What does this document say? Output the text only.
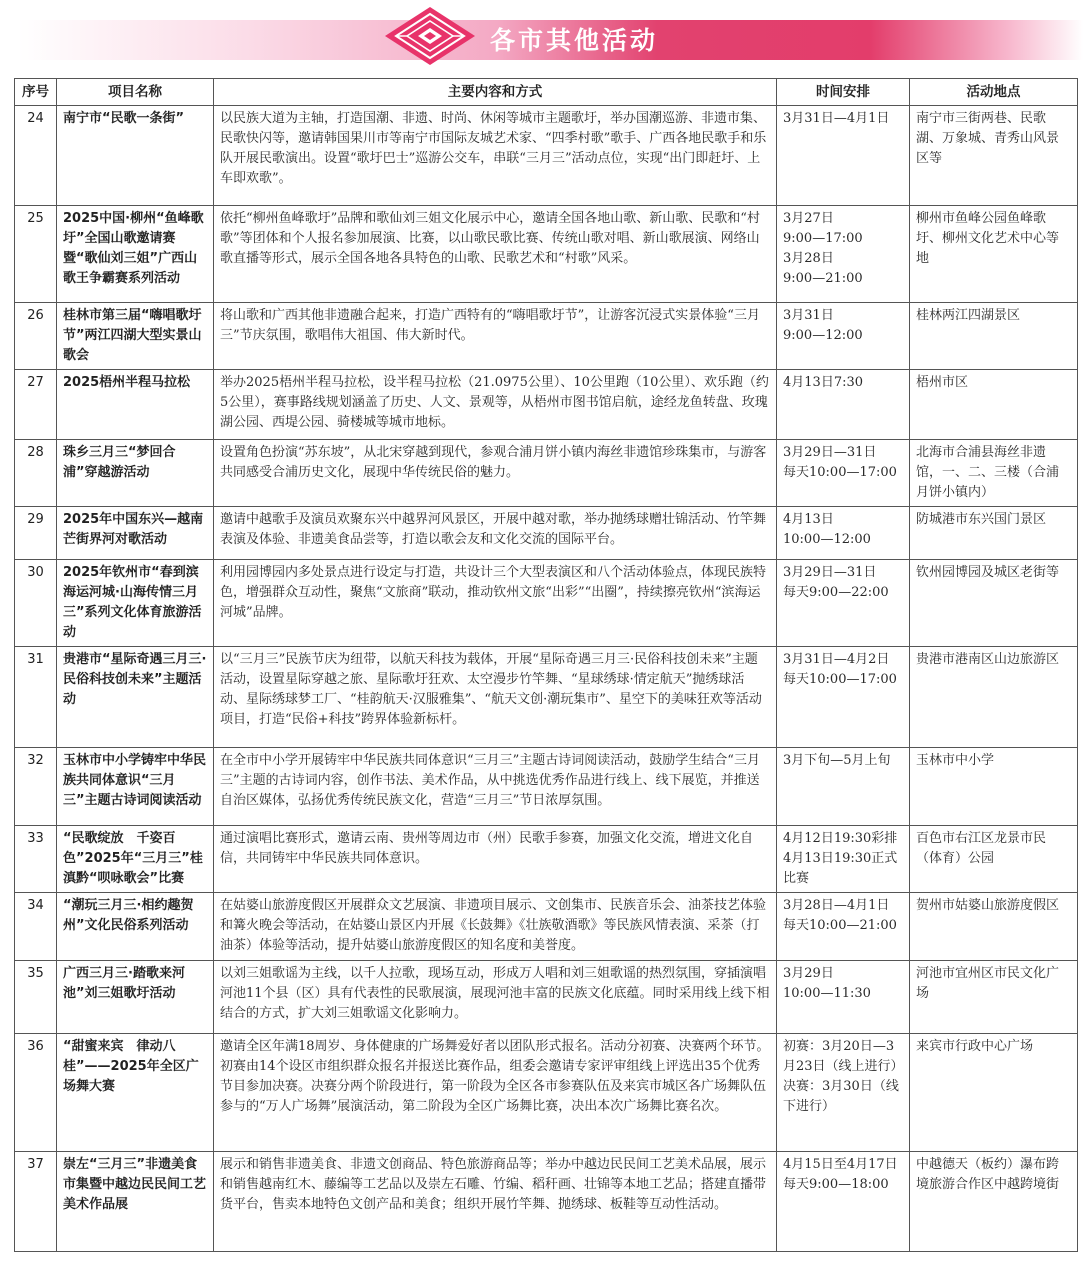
各市其他活动
序号	项目名称	主要内容和方式	时间安排	活动地点
24	南宁市“民歌一条街”	以民族大道为主轴，打造国潮、非遗、时尚、休闲等城市主题歌圩，举办国潮巡游、非遗市集、民歌快闪等，邀请韩国果川市等南宁市国际友城艺术家、“四季村歌”歌手、广西各地民歌手和乐队开展民歌演出。设置“歌圩巴士”巡游公交车，串联“三月三”活动点位，实现“出门即赶圩、上车即欢歌”。	3月31日—4月1日	南宁市三街两巷、民歌湖、万象城、青秀山风景区等

25	2025中国·柳州“鱼峰歌圩”全国山歌邀请赛暨“歌仙刘三姐”广西山歌王争霸赛系列活动	依托“柳州鱼峰歌圩”品牌和歌仙刘三姐文化展示中心，邀请全国各地山歌、新山歌、民歌和“村歌”等团体和个人报名参加展演、比赛，以山歌民歌比赛、传统山歌对唱、新山歌展演、网络山歌直播等形式，展示全国各地各具特色的山歌、民歌艺术和“村歌”风采。	3月27日
9:00—17:00
3月28日
9:00—21:00	柳州市鱼峰公园鱼峰歌圩、柳州文化艺术中心等地

26	桂林市第三届“嗨唱歌圩节”两江四湖大型实景山歌会	将山歌和广西其他非遗融合起来，打造广西特有的“嗨唱歌圩节”，让游客沉浸式实景体验“三月三”节庆氛围，歌唱伟大祖国、伟大新时代。	3月31日
9:00—12:00	桂林两江四湖景区

27	2025梧州半程马拉松	举办2025梧州半程马拉松，设半程马拉松（21.0975公里）、10公里跑（10公里）、欢乐跑（约5公里），赛事路线规划涵盖了历史、人文、景观等，从梧州市图书馆启航，途经龙鱼转盘、玫瑰湖公园、西堤公园、骑楼城等城市地标。	4月13日7:30	梧州市区

28	珠乡三月三“梦回合浦”穿越游活动	设置角色扮演“苏东坡”，从北宋穿越到现代，参观合浦月饼小镇内海丝非遗馆珍珠集市，与游客共同感受合浦历史文化，展现中华传统民俗的魅力。	3月29日—31日
每天10:00—17:00	北海市合浦县海丝非遗馆，一、二、三楼（合浦月饼小镇内）

29	2025年中国东兴—越南芒街界河对歌活动	邀请中越歌手及演员欢聚东兴中越界河风景区，开展中越对歌，举办抛绣球赠壮锦活动、竹竿舞表演及体验、非遗美食品尝等，打造以歌会友和文化交流的国际平台。	4月13日
10:00—12:00	防城港市东兴国门景区

30	2025年钦州市“春到滨海运河城·山海传情三月三”系列文化体育旅游活动	利用园博园内多处景点进行设定与打造，共设计三个大型表演区和八个活动体验点，体现民族特色，增强群众互动性，聚焦“文旅商”联动，推动钦州文旅“出彩”“出圈”，持续擦亮钦州“滨海运河城”品牌。	3月29日—31日
每天9:00—22:00	钦州园博园及城区老街等

31	贵港市“星际奇遇三月三·民俗科技创未来”主题活动	以“三月三”民族节庆为纽带，以航天科技为载体，开展“星际奇遇三月三·民俗科技创未来”主题活动，设置星际穿越之旅、星际歌圩狂欢、太空漫步竹竿舞、“星球绣球·情定航天”抛绣球活动、星际绣球梦工厂、“桂韵航天·汉服雅集”、“航天文创·潮玩集市”、星空下的美味狂欢等活动项目，打造“民俗+科技”跨界体验新标杆。	3月31日—4月2日
每天10:00—17:00	贵港市港南区山边旅游区

32	玉林市中小学铸牢中华民族共同体意识“三月三”主题古诗词阅读活动	在全市中小学开展铸牢中华民族共同体意识“三月三”主题古诗词阅读活动，鼓励学生结合“三月三”主题的古诗词内容，创作书法、美术作品，从中挑选优秀作品进行线上、线下展览，并推送自治区媒体，弘扬优秀传统民族文化，营造“三月三”节日浓厚氛围。	3月下旬—5月上旬	玉林市中小学

33	“民歌绽放　千姿百色”2025年“三月三”桂滇黔“呗咏歌会”比赛	通过演唱比赛形式，邀请云南、贵州等周边市（州）民歌手参赛，加强文化交流，增进文化自信，共同铸牢中华民族共同体意识。	4月12日19:30彩排
4月13日19:30正式比赛	百色市右江区龙景市民（体育）公园

34	“潮玩三月三·相约趣贺州”文化民俗系列活动	在姑婆山旅游度假区开展群众文艺展演、非遗项目展示、文创集市、民族音乐会、油茶技艺体验和篝火晚会等活动，在姑婆山景区内开展《长鼓舞》《壮族敬酒歌》等民族风情表演、采茶（打油茶）体验等活动，提升姑婆山旅游度假区的知名度和美誉度。	3月28日—4月1日
每天10:00—21:00	贺州市姑婆山旅游度假区

35	广西三月三·踏歌来河池”刘三姐歌圩活动	以刘三姐歌谣为主线，以千人拉歌，现场互动，形成万人唱和刘三姐歌谣的热烈氛围，穿插演唱河池11个县（区）具有代表性的民歌展演，展现河池丰富的民族文化底蕴。同时采用线上线下相结合的方式，扩大刘三姐歌谣文化影响力。	3月29日
10:00—11:30	河池市宜州区市民文化广场

36	“甜蜜来宾　律动八桂”——2025年全区广场舞大赛	邀请全区年满18周岁、身体健康的广场舞爱好者以团队形式报名。活动分初赛、决赛两个环节。初赛由14个设区市组织群众报名并报送比赛作品，组委会邀请专家评审组线上评选出35个优秀节目参加决赛。决赛分两个阶段进行，第一阶段为全区各市参赛队伍及来宾市城区各广场舞队伍参与的“万人广场舞”展演活动，第二阶段为全区广场舞比赛，决出本次广场舞比赛名次。	初赛：3月20日—3月23日（线上进行）
决赛：3月30日（线下进行）	来宾市行政中心广场

37	崇左“三月三”非遗美食市集暨中越边民民间工艺美术作品展	展示和销售非遗美食、非遗文创商品、特色旅游商品等；举办中越边民民间工艺美术品展，展示和销售越南红木、藤编等工艺品以及崇左石雕、竹编、稻秆画、壮锦等本地工艺品；搭建直播带货平台，售卖本地特色文创产品和美食；组织开展竹竿舞、抛绣球、板鞋等互动性活动。	4月15日至4月17日
每天9:00—18:00	中越德天（板约）瀑布跨境旅游合作区中越跨境街
